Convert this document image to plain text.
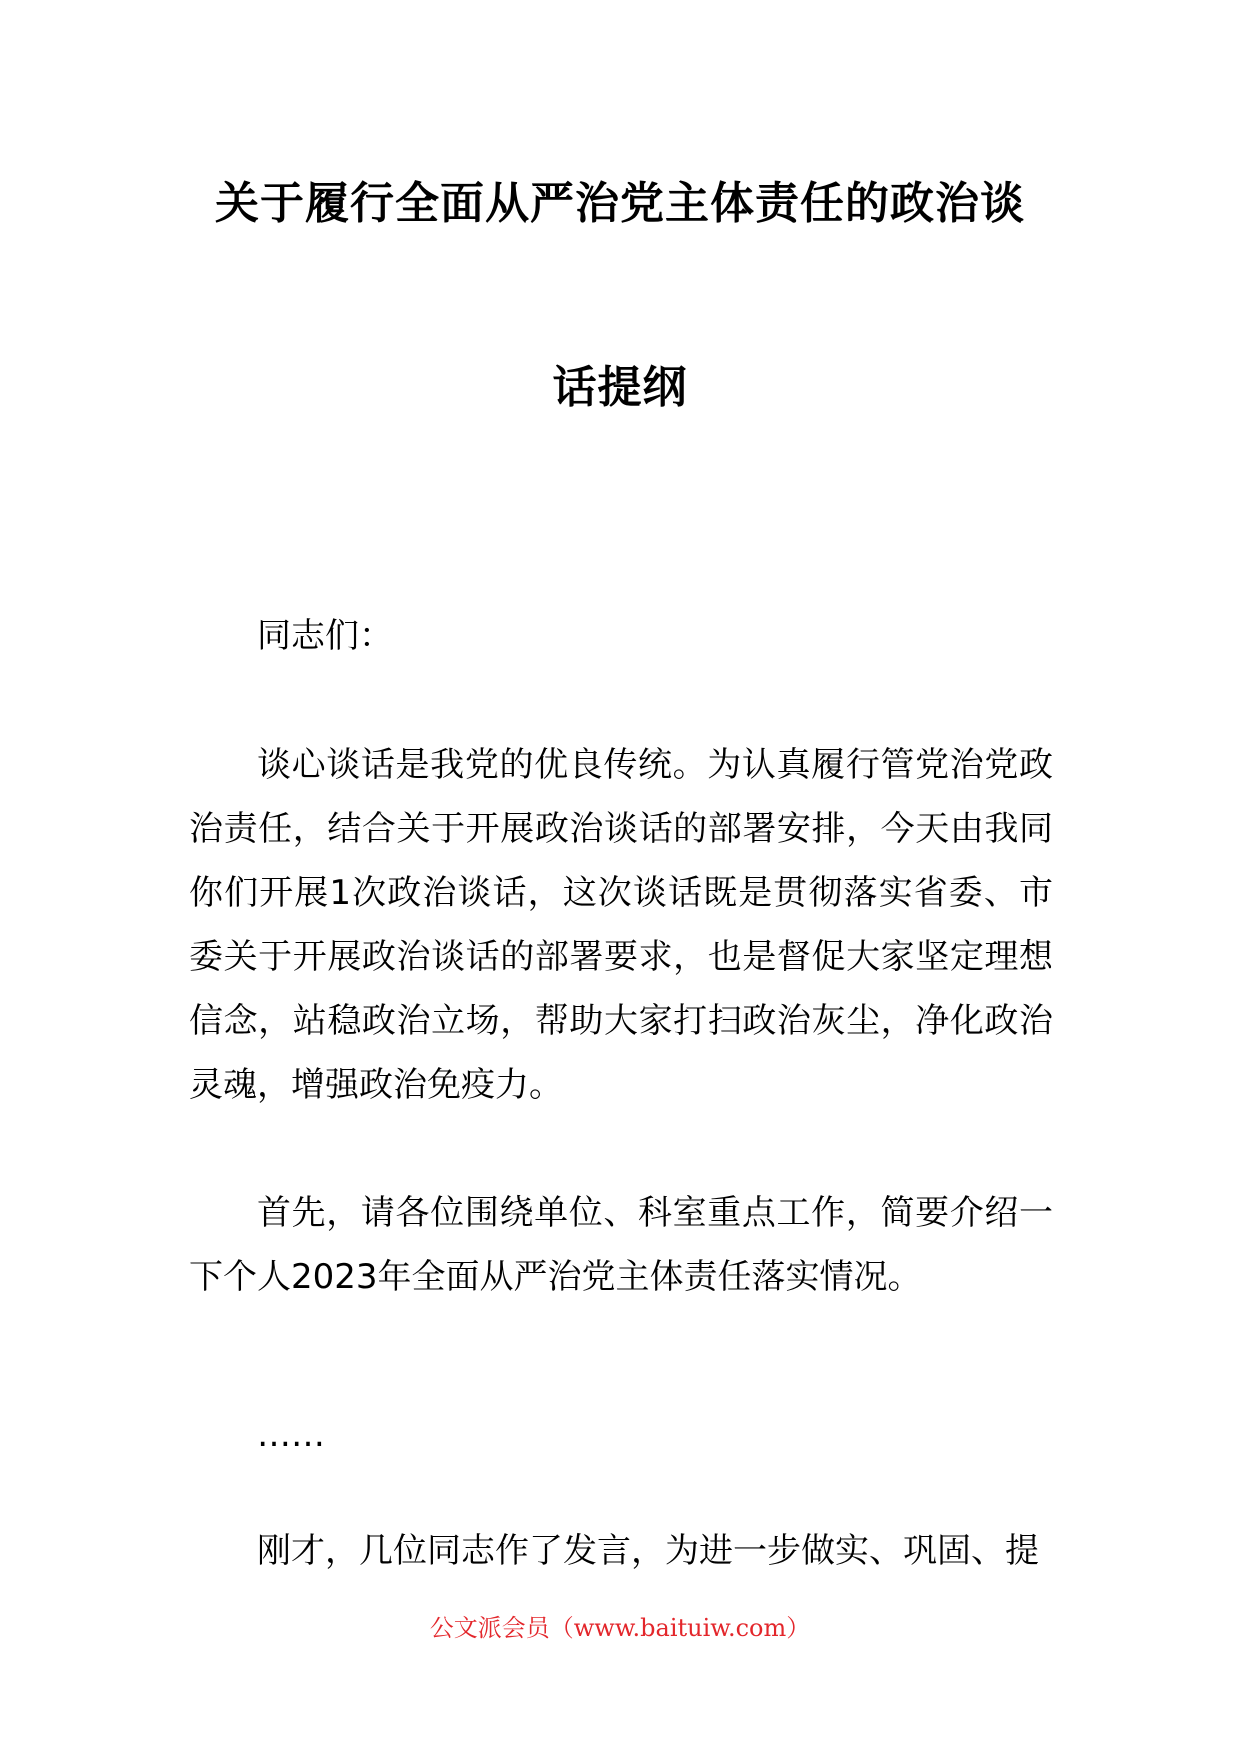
关于履行全面从严治党主体责任的政治谈
话提纲
同志们：
谈心谈话是我党的优良传统。为认真履行管党治党政治责任，结合关于开展政治谈话的部署安排，今天由我同你们开展1次政治谈话，这次谈话既是贯彻落实省委、市委关于开展政治谈话的部署要求，也是督促大家坚定理想信念，站稳政治立场，帮助大家打扫政治灰尘，净化政治灵魂，增强政治免疫力。
首先，请各位围绕单位、科室重点工作，简要介绍一下个人2023年全面从严治党主体责任落实情况。
……
刚才，几位同志作了发言，为进一步做实、巩固、提
公文派会员（www.baituiw.com）
